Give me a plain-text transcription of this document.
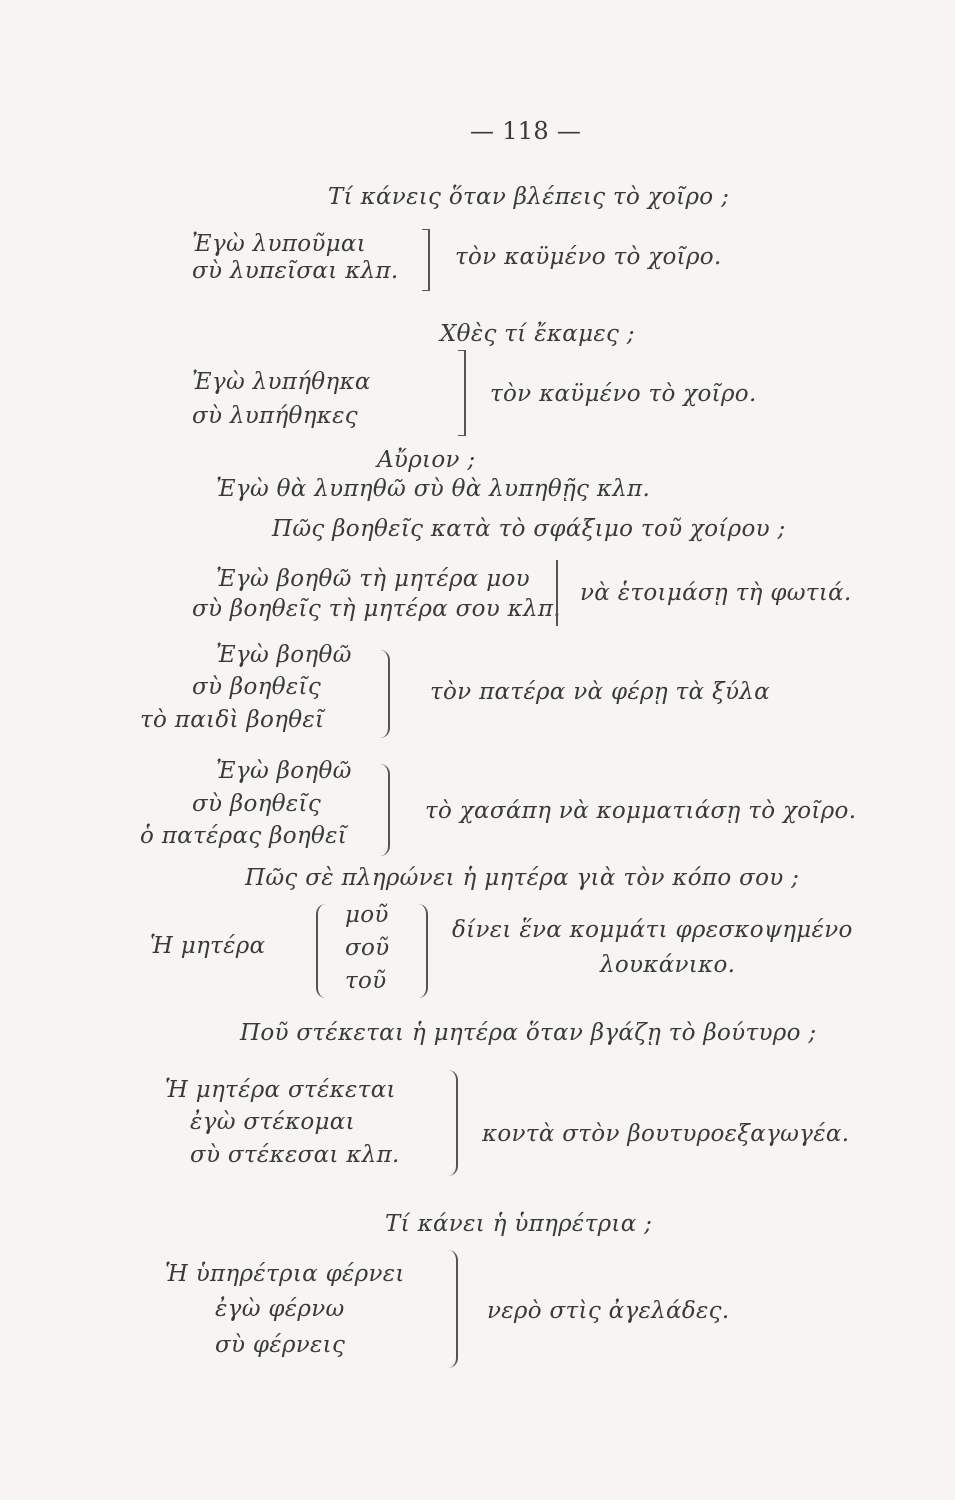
— 118 —
Τί κάνεις ὅταν βλέπεις τὸ χοῖρο ;
Ἐγὼ λυποῦμαι
σὺ λυπεῖσαι κλπ.
τὸν καϋμένο τὸ χοῖρο.
Χθὲς τί ἔκαμες ;
Ἐγὼ λυπήθηκα
σὺ λυπήθηκες
τὸν καϋμένο τὸ χοῖρο.
Αὔριον ;
Ἐγὼ θὰ λυπηθῶ σὺ θὰ λυπηθῇς κλπ.
Πῶς βοηθεῖς κατὰ τὸ σφάξιμο τοῦ χοίρου ;
Ἐγὼ βοηθῶ τὴ μητέρα μου
σὺ βοηθεῖς τὴ μητέρα σου κλπ.
νὰ ἑτοιμάσῃ τὴ φωτιά.
Ἐγὼ βοηθῶ
σὺ βοηθεῖς
τὸ παιδὶ βοηθεῖ
τὸν πατέρα νὰ φέρῃ τὰ ξύλα
Ἐγὼ βοηθῶ
σὺ βοηθεῖς
ὁ πατέρας βοηθεῖ
τὸ χασάπη νὰ κομματιάσῃ τὸ χοῖρο.
Πῶς σὲ πληρώνει ἡ μητέρα γιὰ τὸν κόπο σου ;
Ἡ μητέρα
μοῦ
σοῦ
τοῦ
δίνει ἕνα κομμάτι φρεσκοψημένο
λουκάνικο.
Ποῦ στέκεται ἡ μητέρα ὅταν βγάζῃ τὸ βούτυρο ;
Ἡ μητέρα στέκεται
ἐγὼ στέκομαι
σὺ στέκεσαι κλπ.
κοντὰ στὸν βουτυροεξαγωγέα.
Τί κάνει ἡ ὑπηρέτρια ;
Ἡ ὑπηρέτρια φέρνει
ἐγὼ φέρνω
σὺ φέρνεις
νερὸ στὶς ἀγελάδες.
